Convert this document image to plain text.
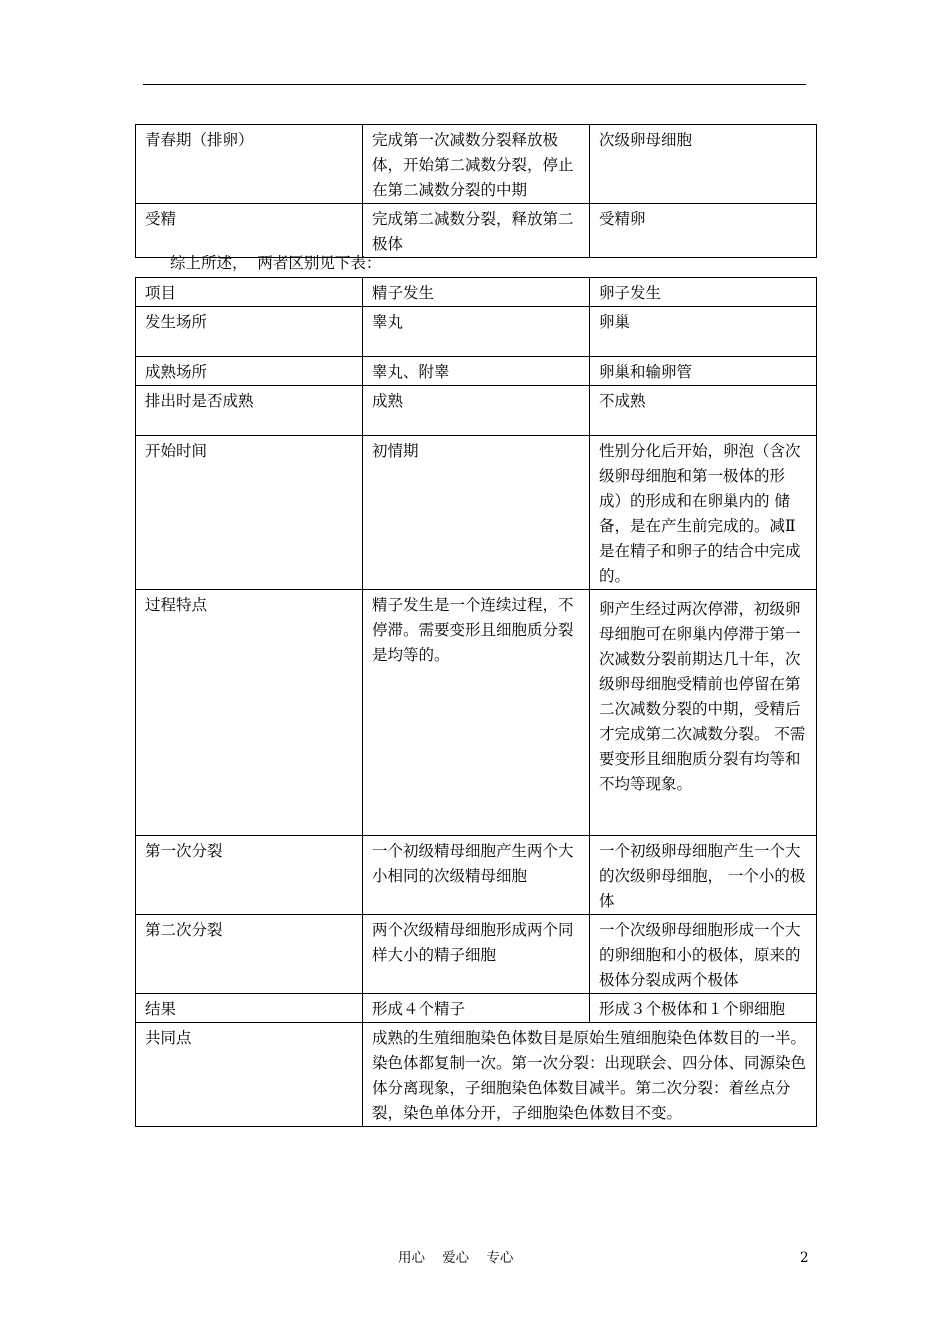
青春期（排卵）	完成第一次减数分裂释放极体，开始第二减数分裂，停止在第二减数分裂的中期	次级卵母细胞
受精	完成第二减数分裂，释放第二极体	受精卵
综上所述，  两者区别见下表：
项目	精子发生	卵子发生
发生场所	睾丸	卵巢
成熟场所	睾丸、附睾	卵巢和输卵管
排出时是否成熟	成熟	不成熟
开始时间	初情期	性别分化后开始，卵泡（含次级卵母细胞和第一极体的形成）的形成和在卵巢内的 储备，是在产生前完成的。减Ⅱ是在精子和卵子的结合中完成的。
过程特点	精子发生是一个连续过程，不停滞。需要变形且细胞质分裂是均等的。	卵产生经过两次停滞，初级卵母细胞可在卵巢内停滞于第一次减数分裂前期达几十年，次级卵母细胞受精前也停留在第二次减数分裂的中期，受精后才完成第二次减数分裂。 不需要变形且细胞质分裂有均等和不均等现象。
第一次分裂	一个初级精母细胞产生两个大小相同的次级精母细胞	一个初级卵母细胞产生一个大的次级卵母细胞， 一个小的极体
第二次分裂	两个次级精母细胞形成两个同样大小的精子细胞	一个次级卵母细胞形成一个大的卵细胞和小的极体，原来的极体分裂成两个极体
结果	形成４个精子	形成３个极体和１个卵细胞
共同点	成熟的生殖细胞染色体数目是原始生殖细胞染色体数目的一半。染色体都复制一次。第一次分裂：出现联会、四分体、同源染色体分离现象，子细胞染色体数目减半。第二次分裂：着丝点分裂，染色单体分开，子细胞染色体数目不变。	
用心    爱心    专心	2
